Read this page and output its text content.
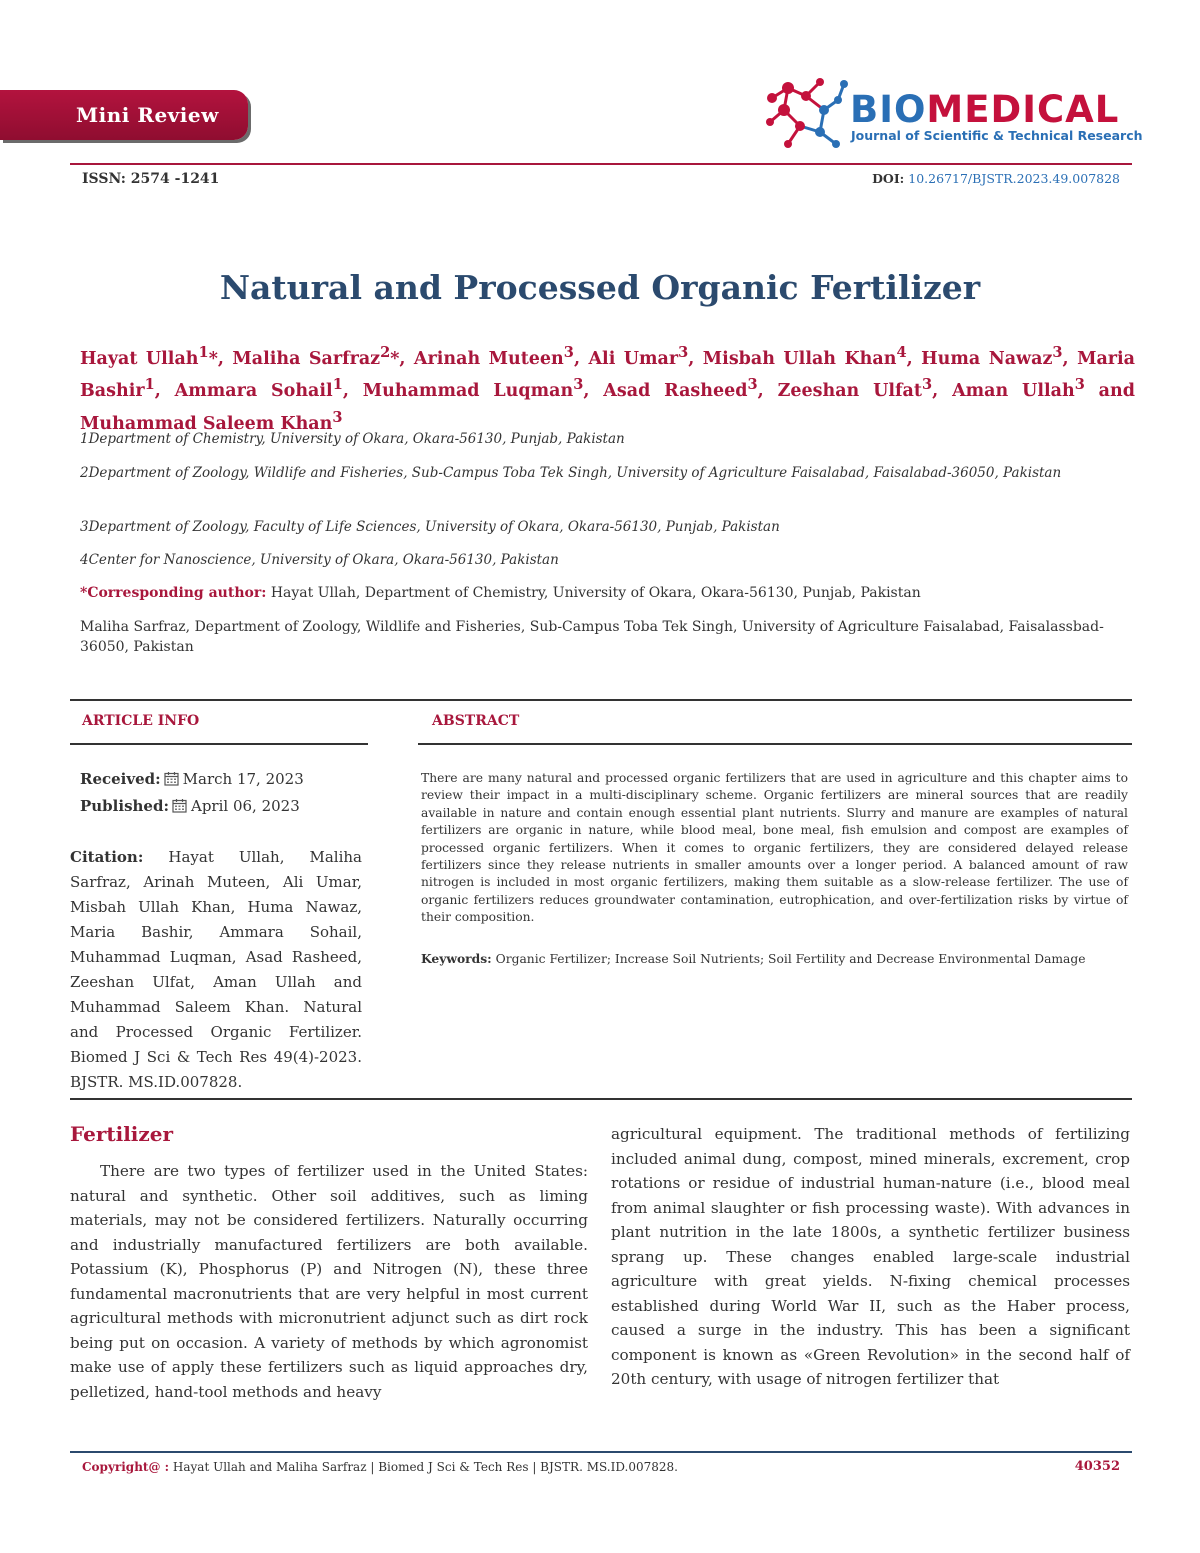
Mini Review	BIOMEDICAL
Journal of Scientific & Technical Research
ISSN: 2574 -1241	DOI: 10.26717/BJSTR.2023.49.007828
Natural and Processed Organic Fertilizer
Hayat Ullah$^1$*, Maliha Sarfraz$^2$*, Arinah Muteen$^3$, Ali Umar$^3$, Misbah Ullah Khan$^4$, Huma Nawaz$^3$, Maria Bashir$^1$, Ammara Sohail$^1$, Muhammad Luqman$^3$, Asad Rasheed$^3$, Zeeshan Ulfat$^3$, Aman Ullah$^3$ and Muhammad Saleem Khan$^3$
1Department of Chemistry, University of Okara, Okara-56130, Punjab, Pakistan
2Department of Zoology, Wildlife and Fisheries, Sub-Campus Toba Tek Singh, University of Agriculture Faisalabad, Faisalabad-36050, Pakistan
3Department of Zoology, Faculty of Life Sciences, University of Okara, Okara-56130, Punjab, Pakistan
4Center for Nanoscience, University of Okara, Okara-56130, Pakistan
*Corresponding author: Hayat Ullah, Department of Chemistry, University of Okara, Okara-56130, Punjab, Pakistan
Maliha Sarfraz, Department of Zoology, Wildlife and Fisheries, Sub-Campus Toba Tek Singh, University of Agriculture Faisalabad, Faisalassbad- 36050, Pakistan
ARTICLE INFO	ABSTRACT
Received: March 17, 2023
Published: April 06, 2023
Citation: Hayat Ullah, Maliha Sarfraz, Arinah Muteen, Ali Umar, Misbah Ullah Khan, Huma Nawaz, Maria Bashir, Ammara Sohail, Muhammad Luqman, Asad Rasheed, Zeeshan Ulfat, Aman Ullah and Muhammad Saleem Khan. Natural and Processed Organic Fertilizer. Biomed J Sci & Tech Res 49(4)-2023. BJSTR. MS.ID.007828.
There are many natural and processed organic fertilizers that are used in agriculture and this chapter aims to review their impact in a multi-disciplinary scheme. Organic fertilizers are mineral sources that are readily available in nature and contain enough essential plant nutrients. Slurry and manure are examples of natural fertilizers are organic in nature, while blood meal, bone meal, fish emulsion and compost are examples of processed organic fertilizers. When it comes to organic fertilizers, they are considered delayed release fertilizers since they release nutrients in smaller amounts over a longer period. A balanced amount of raw nitrogen is included in most organic fertilizers, making them suitable as a slow-release fertilizer. The use of organic fertilizers reduces groundwater contamination, eutrophication, and over-fertilization risks by virtue of their composition.
Keywords: Organic Fertilizer; Increase Soil Nutrients; Soil Fertility and Decrease Environmental Damage
Fertilizer
There are two types of fertilizer used in the United States: natural and synthetic. Other soil additives, such as liming materials, may not be considered fertilizers. Naturally occurring and industrially manufactured fertilizers are both available. Potassium (K), Phosphorus (P) and Nitrogen (N), these three fundamental macronutrients that are very helpful in most current agricultural methods with micronutrient adjunct such as dirt rock being put on occasion. A variety of methods by which agronomist make use of apply these fertilizers such as liquid approaches dry, pelletized, hand-tool methods and heavy
agricultural equipment. The traditional methods of fertilizing included animal dung, compost, mined minerals, excrement, crop rotations or residue of industrial human-nature (i.e., blood meal from animal slaughter or fish processing waste). With advances in plant nutrition in the late 1800s, a synthetic fertilizer business sprang up. These changes enabled large-scale industrial agriculture with great yields. N-fixing chemical processes established during World War II, such as the Haber process, caused a surge in the industry. This has been a significant component is known as «Green Revolution» in the second half of 20th century, with usage of nitrogen fertilizer that
Copyright@ : Hayat Ullah and Maliha Sarfraz | Biomed J Sci & Tech Res | BJSTR. MS.ID.007828.	40352
